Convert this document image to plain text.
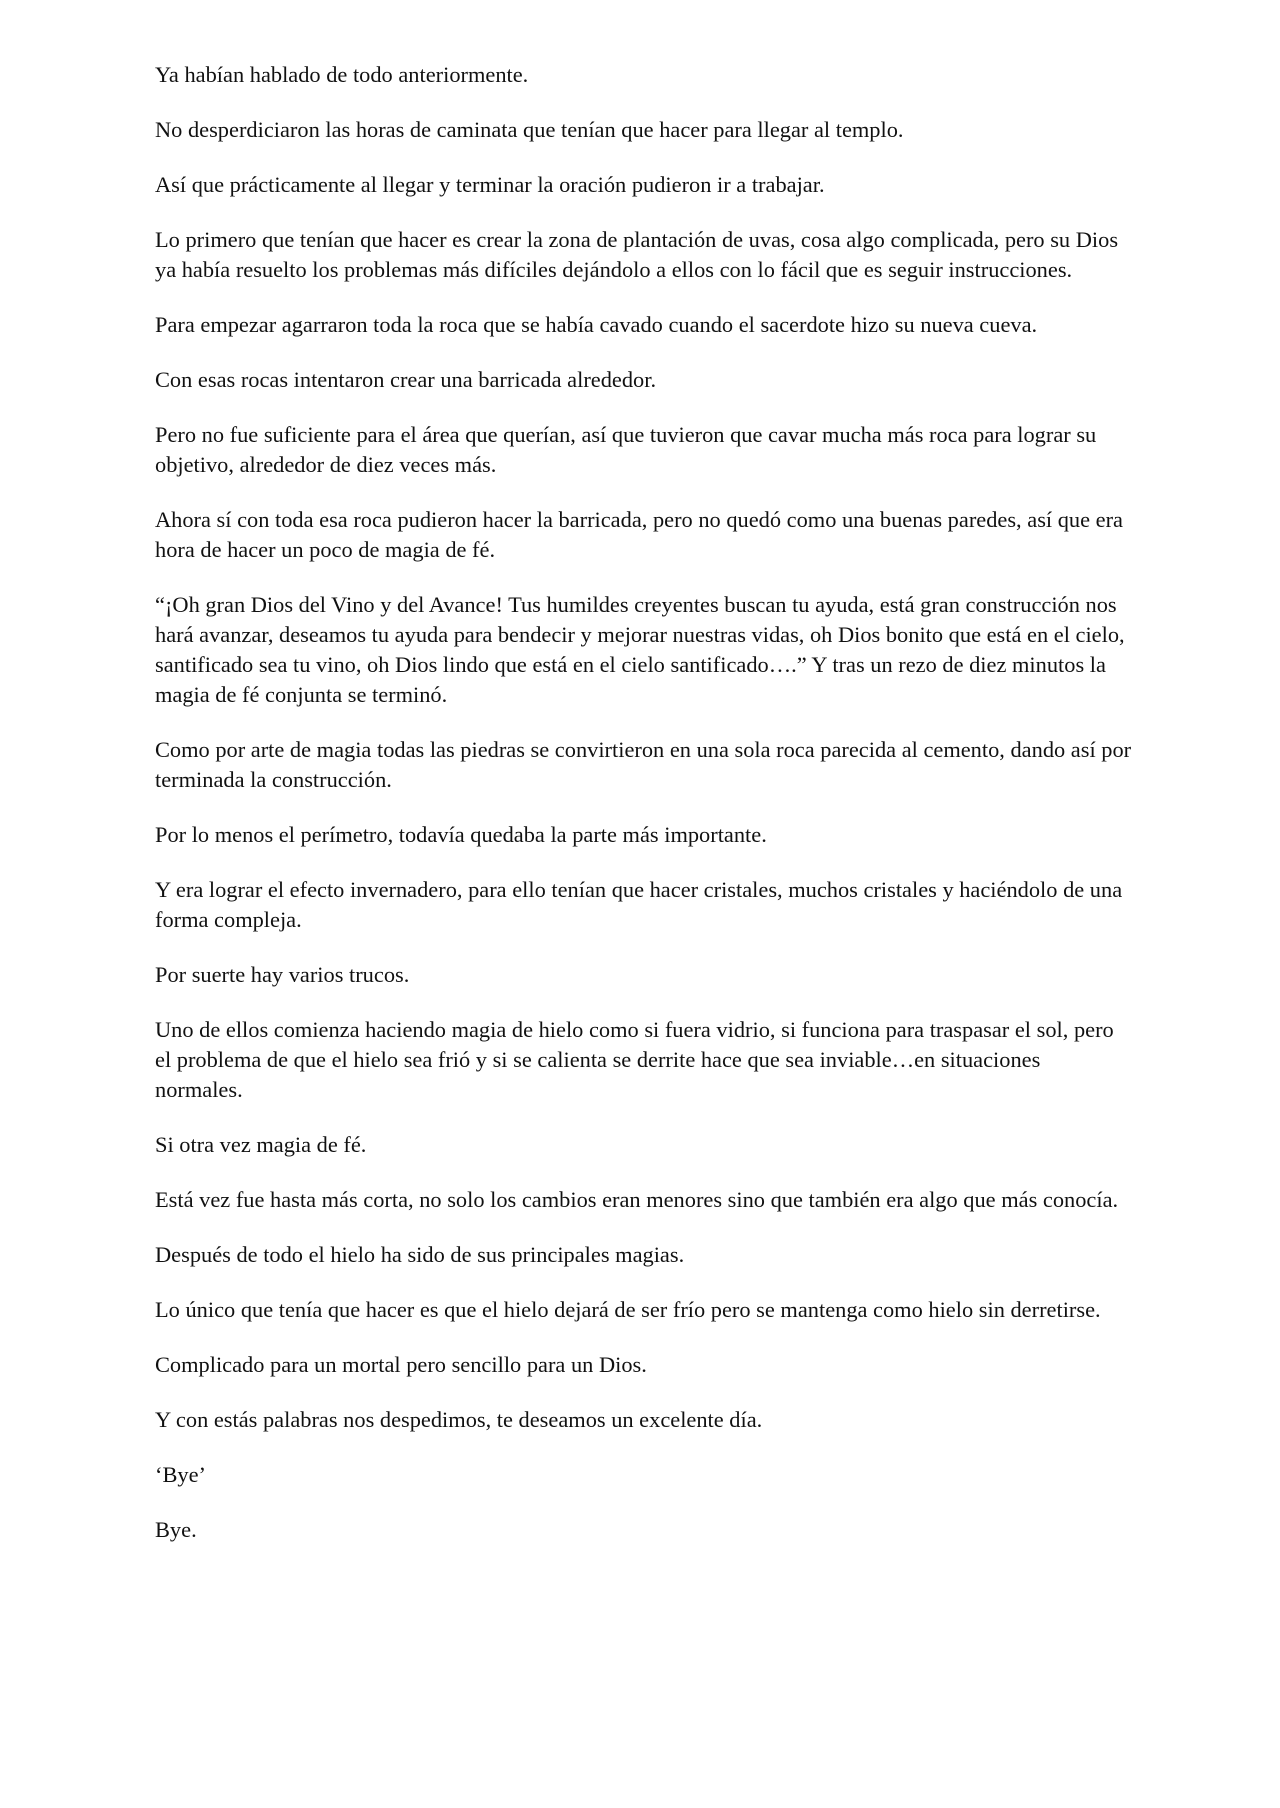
Ya habían hablado de todo anteriormente.

No desperdiciaron las horas de caminata que tenían que hacer para llegar al templo.

Así que prácticamente al llegar y terminar la oración pudieron ir a trabajar.

Lo primero que tenían que hacer es crear la zona de plantación de uvas, cosa algo complicada, pero su Dios ya había resuelto los problemas más difíciles dejándolo a ellos con lo fácil que es seguir instrucciones.

Para empezar agarraron toda la roca que se había cavado cuando el sacerdote hizo su nueva cueva.

Con esas rocas intentaron crear una barricada alrededor.

Pero no fue suficiente para el área que querían, así que tuvieron que cavar mucha más roca para lograr su objetivo, alrededor de diez veces más.

Ahora sí con toda esa roca pudieron hacer la barricada, pero no quedó como una buenas paredes, así que era hora de hacer un poco de magia de fé.

“¡Oh gran Dios del Vino y del Avance! Tus humildes creyentes buscan tu ayuda, está gran construcción nos hará avanzar, deseamos tu ayuda para bendecir y mejorar nuestras vidas, oh Dios bonito que está en el cielo, santificado sea tu vino, oh Dios lindo que está en el cielo santificado….” Y tras un rezo de diez minutos la magia de fé conjunta se terminó.

Como por arte de magia todas las piedras se convirtieron en una sola roca parecida al cemento, dando así por terminada la construcción.

Por lo menos el perímetro, todavía quedaba la parte más importante.

Y era lograr el efecto invernadero, para ello tenían que hacer cristales, muchos cristales y haciéndolo de una forma compleja.

Por suerte hay varios trucos.

Uno de ellos comienza haciendo magia de hielo como si fuera vidrio, si funciona para traspasar el sol, pero el problema de que el hielo sea frió y si se calienta se derrite hace que sea inviable…en situaciones normales.

Si otra vez magia de fé.

Está vez fue hasta más corta, no solo los cambios eran menores sino que también era algo que más conocía.

Después de todo el hielo ha sido de sus principales magias.

Lo único que tenía que hacer es que el hielo dejará de ser frío pero se mantenga como hielo sin derretirse.

Complicado para un mortal pero sencillo para un Dios.

Y con estás palabras nos despedimos, te deseamos un excelente día.

‘Bye’

Bye.
